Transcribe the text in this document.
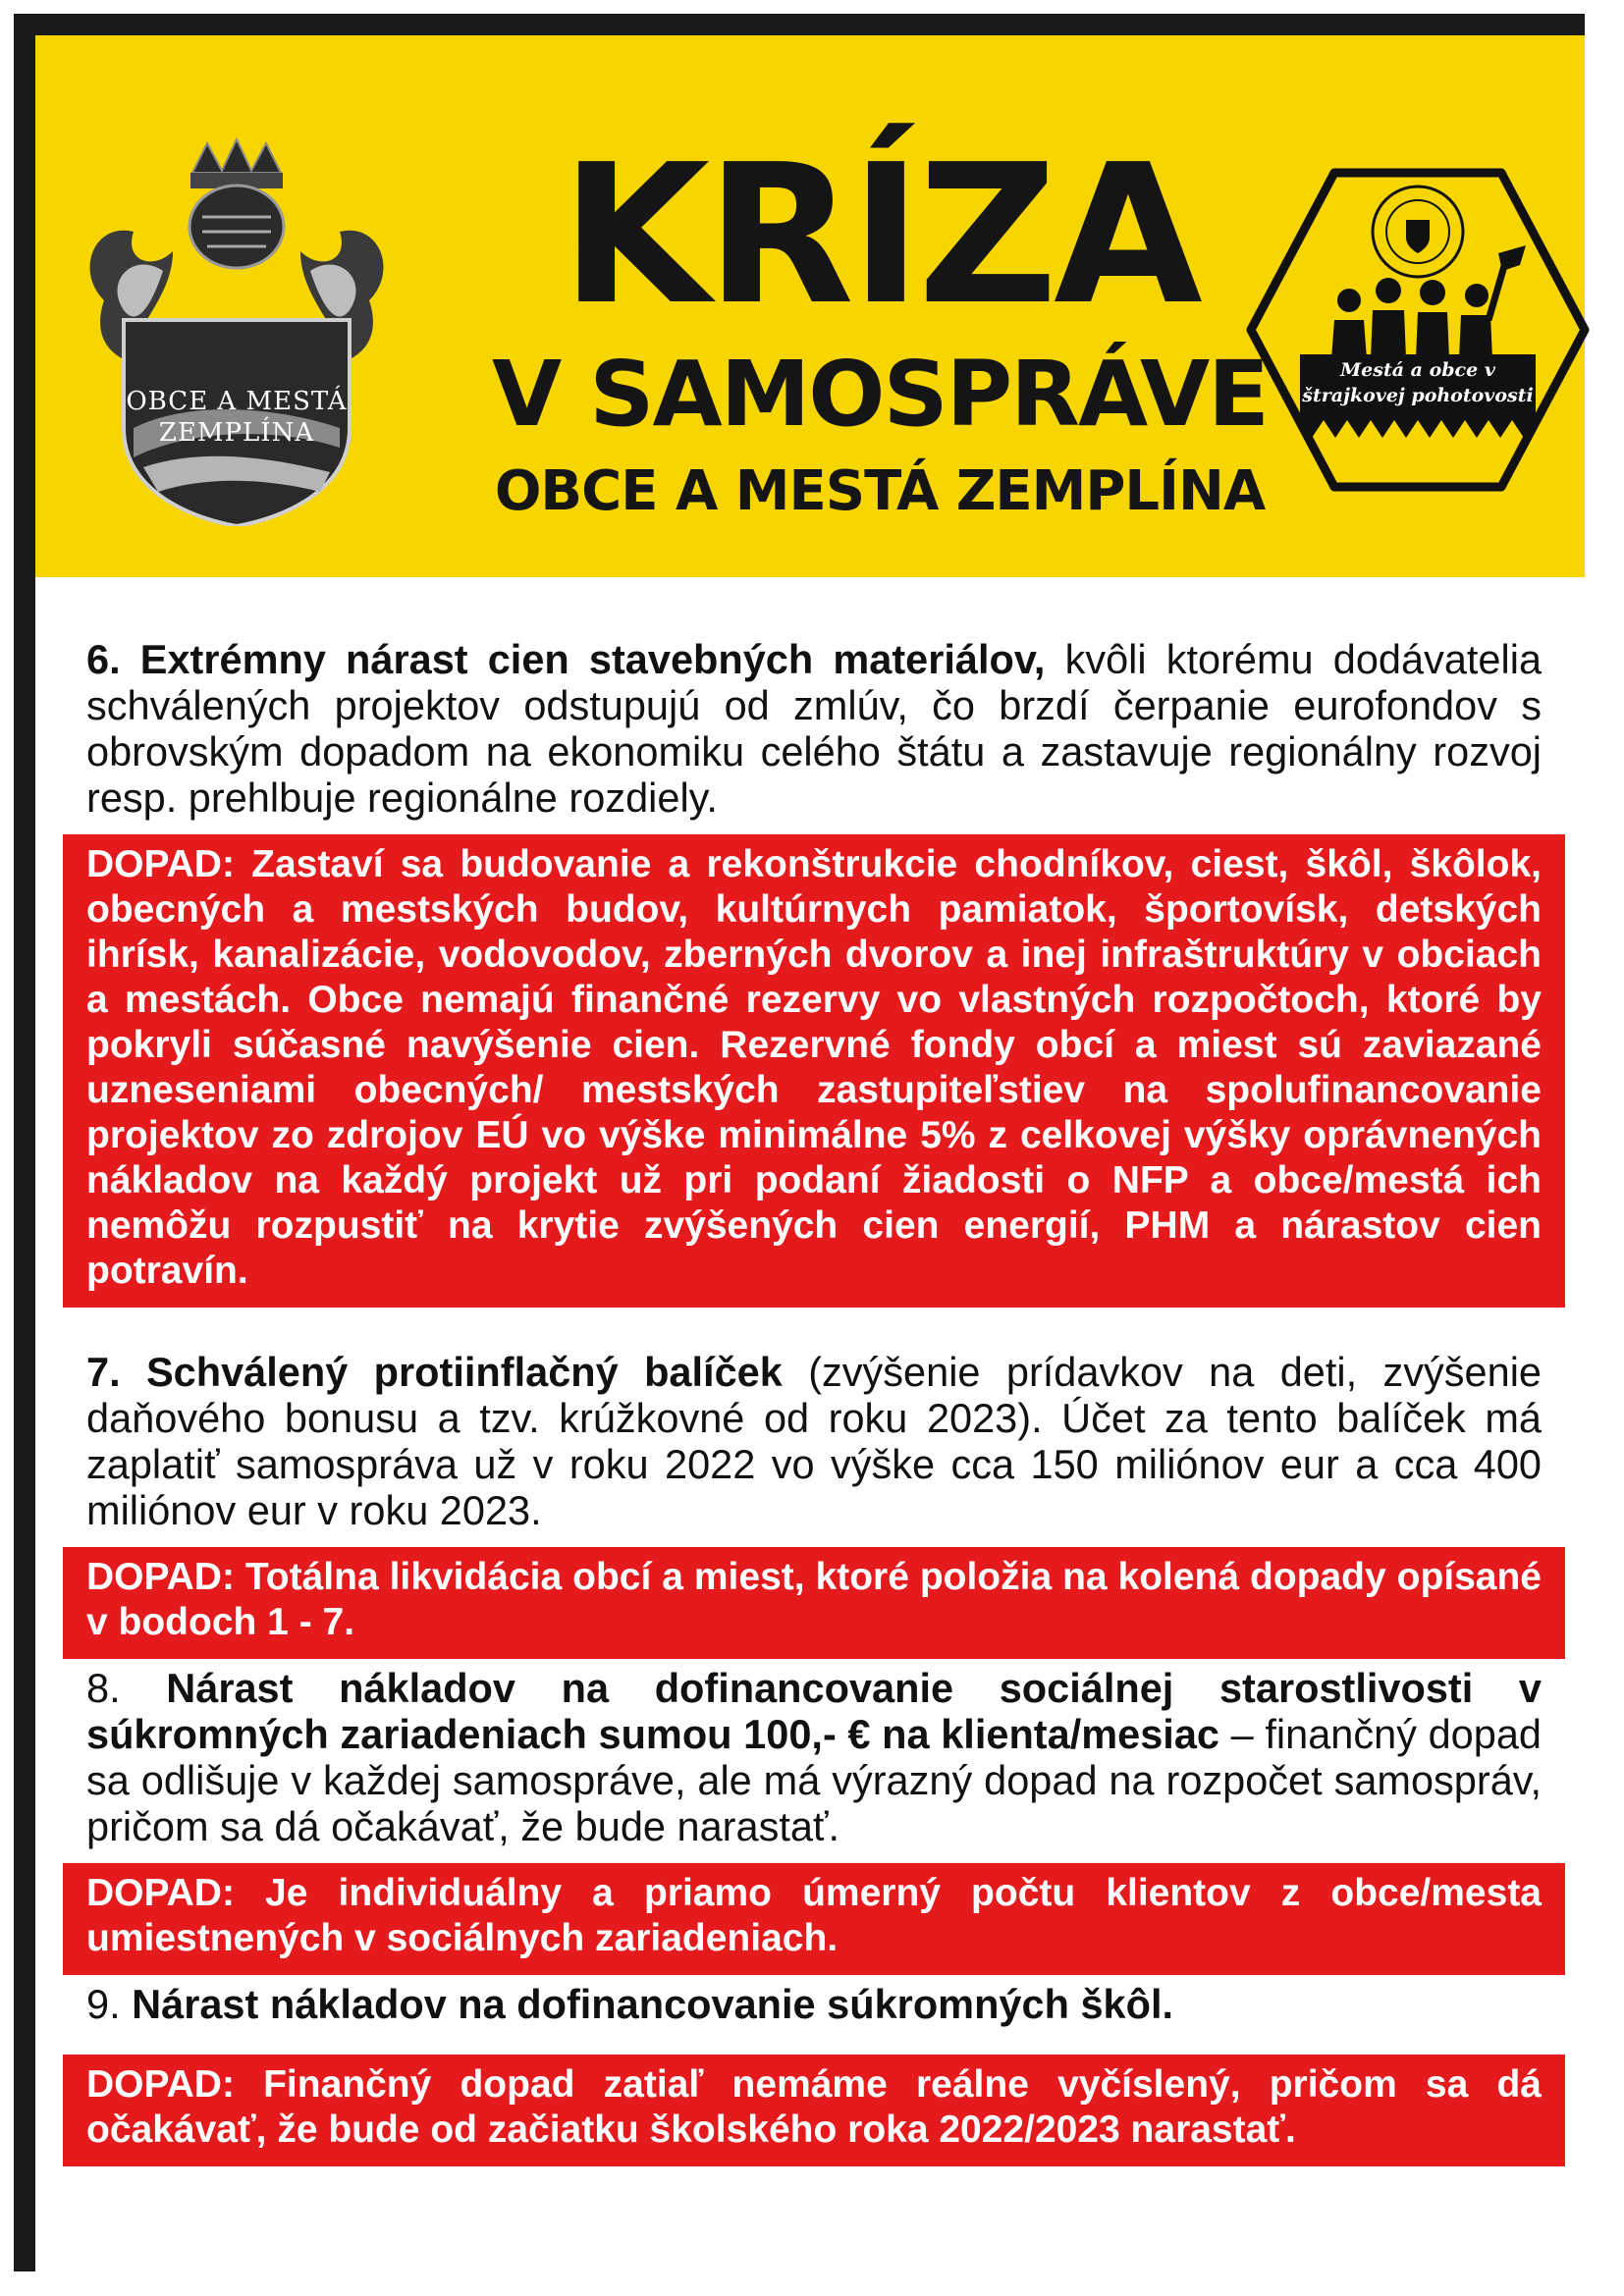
OBCE A MESTÁ
ZEMPLÍNA
KRÍZA
V SAMOSPRÁVE
OBCE A MESTÁ ZEMPLÍNA
Mestá a obce v
štrajkovej pohotovosti

6. Extrémny nárast cien stavebných materiálov, kvôli ktorému dodávatelia schválených projektov odstupujú od zmlúv, čo brzdí čerpanie eurofondov s obrovským dopadom na ekonomiku celého štátu a zastavuje regionálny rozvoj resp. prehlbuje regionálne rozdiely.

DOPAD: Zastaví sa budovanie a rekonštrukcie chodníkov, ciest, škôl, škôlok, obecných a mestských budov, kultúrnych pamiatok, športovísk, detských ihrísk, kanalizácie, vodovodov, zberných dvorov a inej infraštruktúry v obciach a mestách. Obce nemajú finančné rezervy vo vlastných rozpočtoch, ktoré by pokryli súčasné navýšenie cien. Rezervné fondy obcí a miest sú zaviazané uzneseniami obecných/ mestských zastupiteľstiev na spolufinancovanie projektov zo zdrojov EÚ vo výške minimálne 5% z celkovej výšky oprávnených nákladov na každý projekt už pri podaní žiadosti o NFP a obce/mestá ich nemôžu rozpustiť na krytie zvýšených cien energií, PHM a nárastov cien potravín.

7. Schválený protiinflačný balíček (zvýšenie prídavkov na deti, zvýšenie daňového bonusu a tzv. krúžkovné od roku 2023). Účet za tento balíček má zaplatiť samospráva už v roku 2022 vo výške cca 150 miliónov eur a cca 400 miliónov eur v roku 2023.

DOPAD: Totálna likvidácia obcí a miest, ktoré položia na kolená dopady opísané v bodoch 1 - 7.

8. Nárast nákladov na dofinancovanie sociálnej starostlivosti v súkromných zariadeniach sumou 100,- € na klienta/mesiac – finančný dopad sa odlišuje v každej samospráve, ale má výrazný dopad na rozpočet samospráv, pričom sa dá očakávať, že bude narastať.

DOPAD: Je individuálny a priamo úmerný počtu klientov z obce/mesta umiestnených v sociálnych zariadeniach.

9. Nárast nákladov na dofinancovanie súkromných škôl.

DOPAD: Finančný dopad zatiaľ nemáme reálne vyčíslený, pričom sa dá očakávať, že bude od začiatku školského roka 2022/2023 narastať.
